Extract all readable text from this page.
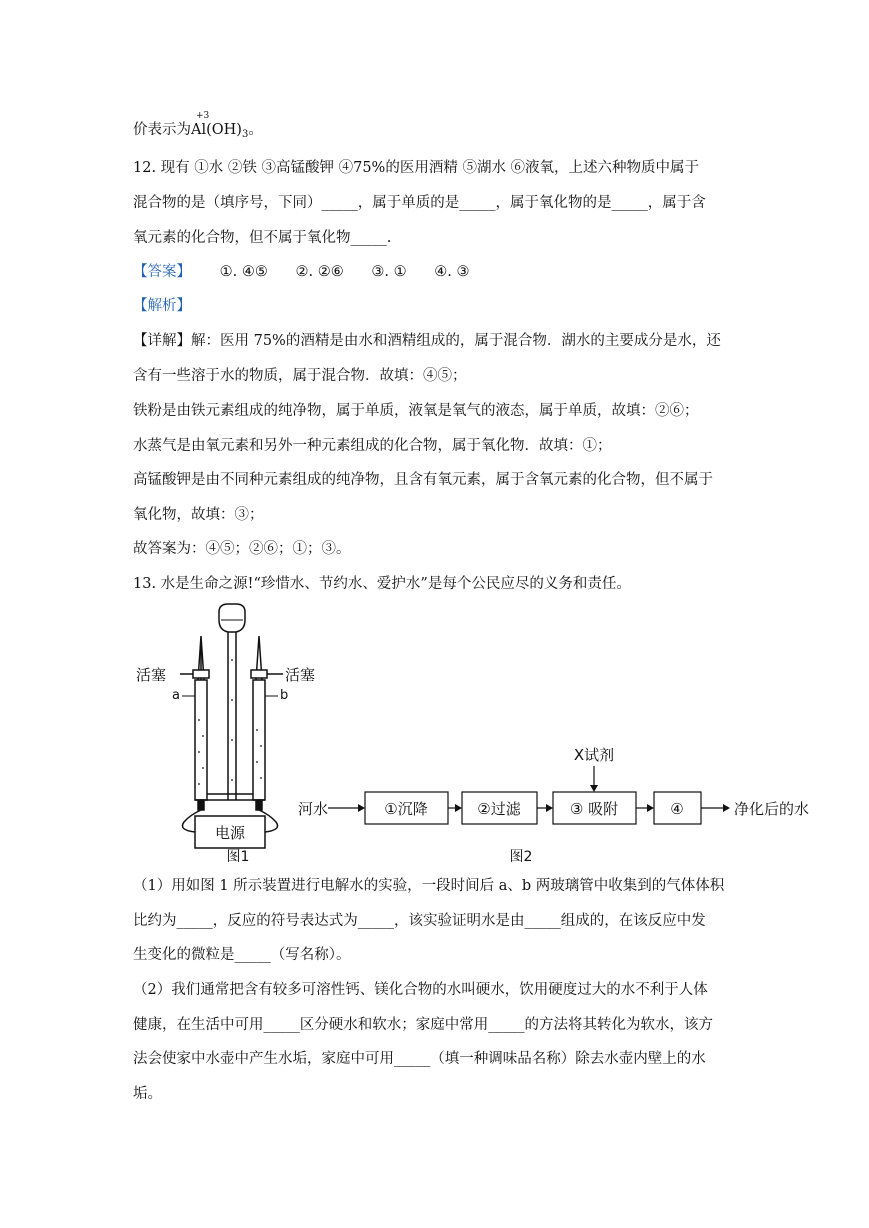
价表示为$Al(OH)_3$。
+3
12. 现有 ①水 ②铁 ③高锰酸钾 ④75%的医用酒精 ⑤湖水 ⑥液氧，上述六种物质中属于
混合物的是（填序号，下同）_____，属于单质的是_____，属于氧化物的是_____，属于含
氧元素的化合物，但不属于氧化物_____.
【答案】 ①. ④⑤      ②. ②⑥      ③. ①      ④. ③
【解析】
【详解】解：医用 75%的酒精是由水和酒精组成的，属于混合物．湖水的主要成分是水，还
含有一些溶于水的物质，属于混合物．故填：④⑤；
铁粉是由铁元素组成的纯净物，属于单质，液氧是氧气的液态，属于单质，故填：②⑥；
水蒸气是由氧元素和另外一种元素组成的化合物，属于氧化物．故填：①；
高锰酸钾是由不同种元素组成的纯净物，且含有氧元素，属于含氧元素的化合物，但不属于
氧化物，故填：③；
故答案为：④⑤；②⑥；①；③。
13. 水是生命之源!“珍惜水、节约水、爱护水”是每个公民应尽的义务和责任。
活塞	活塞
a	b
电源
图1
河水	①沉降	②过滤	③ 吸附	④
X试剂
净化后的水
图2
（1）用如图 1 所示装置进行电解水的实验，一段时间后 a、b 两玻璃管中收集到的气体体积
比约为_____，反应的符号表达式为_____，该实验证明水是由_____组成的，在该反应中发
生变化的微粒是_____（写名称）。
（2）我们通常把含有较多可溶性钙、镁化合物的水叫硬水，饮用硬度过大的水不利于人体
健康，在生活中可用_____区分硬水和软水；家庭中常用_____的方法将其转化为软水，该方
法会使家中水壶中产生水垢，家庭中可用_____（填一种调味品名称）除去水壶内壁上的水
垢。
